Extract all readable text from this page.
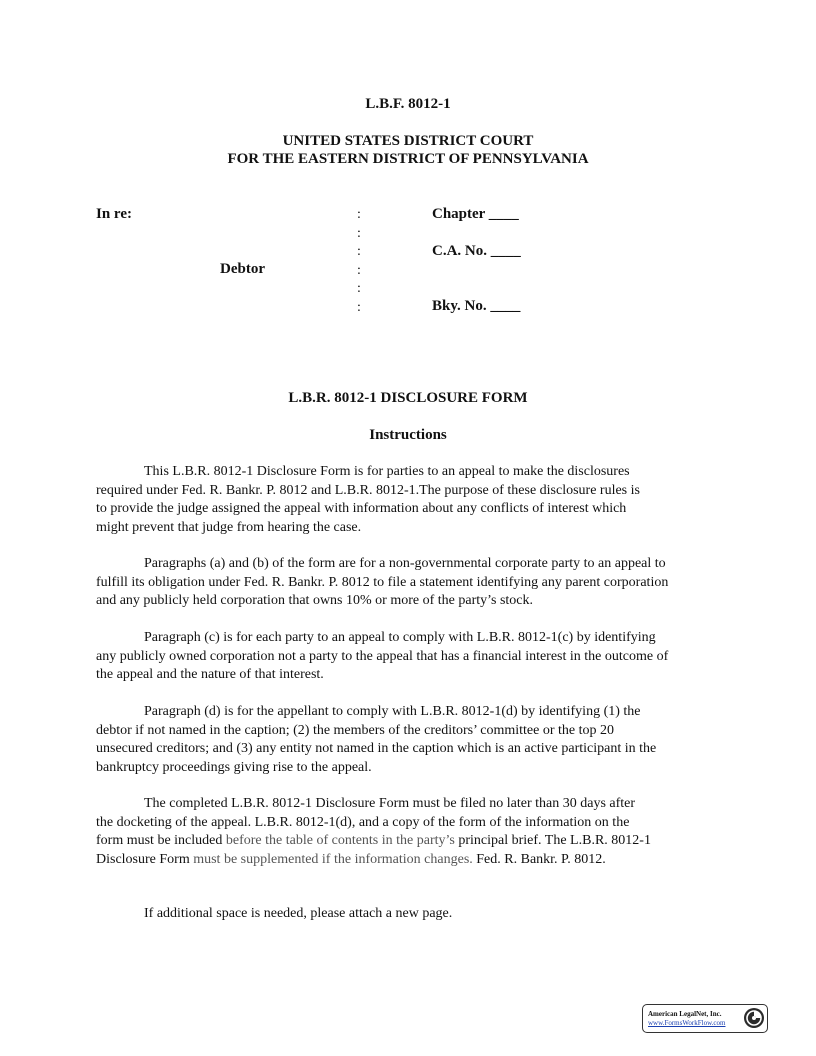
L.B.F. 8012-1
UNITED STATES DISTRICT COURT
FOR THE EASTERN DISTRICT OF PENNSYLVANIA
In re:
Debtor
:
:
:
:
:
:
Chapter ____
C.A. No. ____
Bky. No. ____
L.B.R. 8012-1 DISCLOSURE FORM
Instructions
This L.B.R. 8012-1 Disclosure Form is for parties to an appeal to make the disclosures
required under Fed. R. Bankr. P. 8012 and L.B.R. 8012-1.The purpose of these disclosure rules is
to provide the judge assigned the appeal with information about any conflicts of interest which
might prevent that judge from hearing the case.
Paragraphs (a) and (b) of the form are for a non-governmental corporate party to an appeal to
fulfill its obligation under Fed. R. Bankr. P. 8012 to file a statement identifying any parent corporation
and any publicly held corporation that owns 10% or more of the party’s stock.
Paragraph (c) is for each party to an appeal to comply with L.B.R. 8012-1(c) by identifying
any publicly owned corporation not a party to the appeal that has a financial interest in the outcome of
the appeal and the nature of that interest.
Paragraph (d) is for the appellant to comply with L.B.R. 8012-1(d) by identifying (1) the
debtor if not named in the caption; (2) the members of the creditors’ committee or the top 20
unsecured creditors; and (3) any entity not named in the caption which is an active participant in the
bankruptcy proceedings giving rise to the appeal.
The completed L.B.R. 8012-1 Disclosure Form must be filed no later than 30 days after
the docketing of the appeal. L.B.R. 8012-1(d), and a copy of the form of the information on the
form must be included before the table of contents in the party’s principal brief. The L.B.R. 8012-1
Disclosure Form must be supplemented if the information changes. Fed. R. Bankr. P. 8012.
If additional space is needed, please attach a new page.
American LegalNet, Inc.
www.FormsWorkFlow.com
